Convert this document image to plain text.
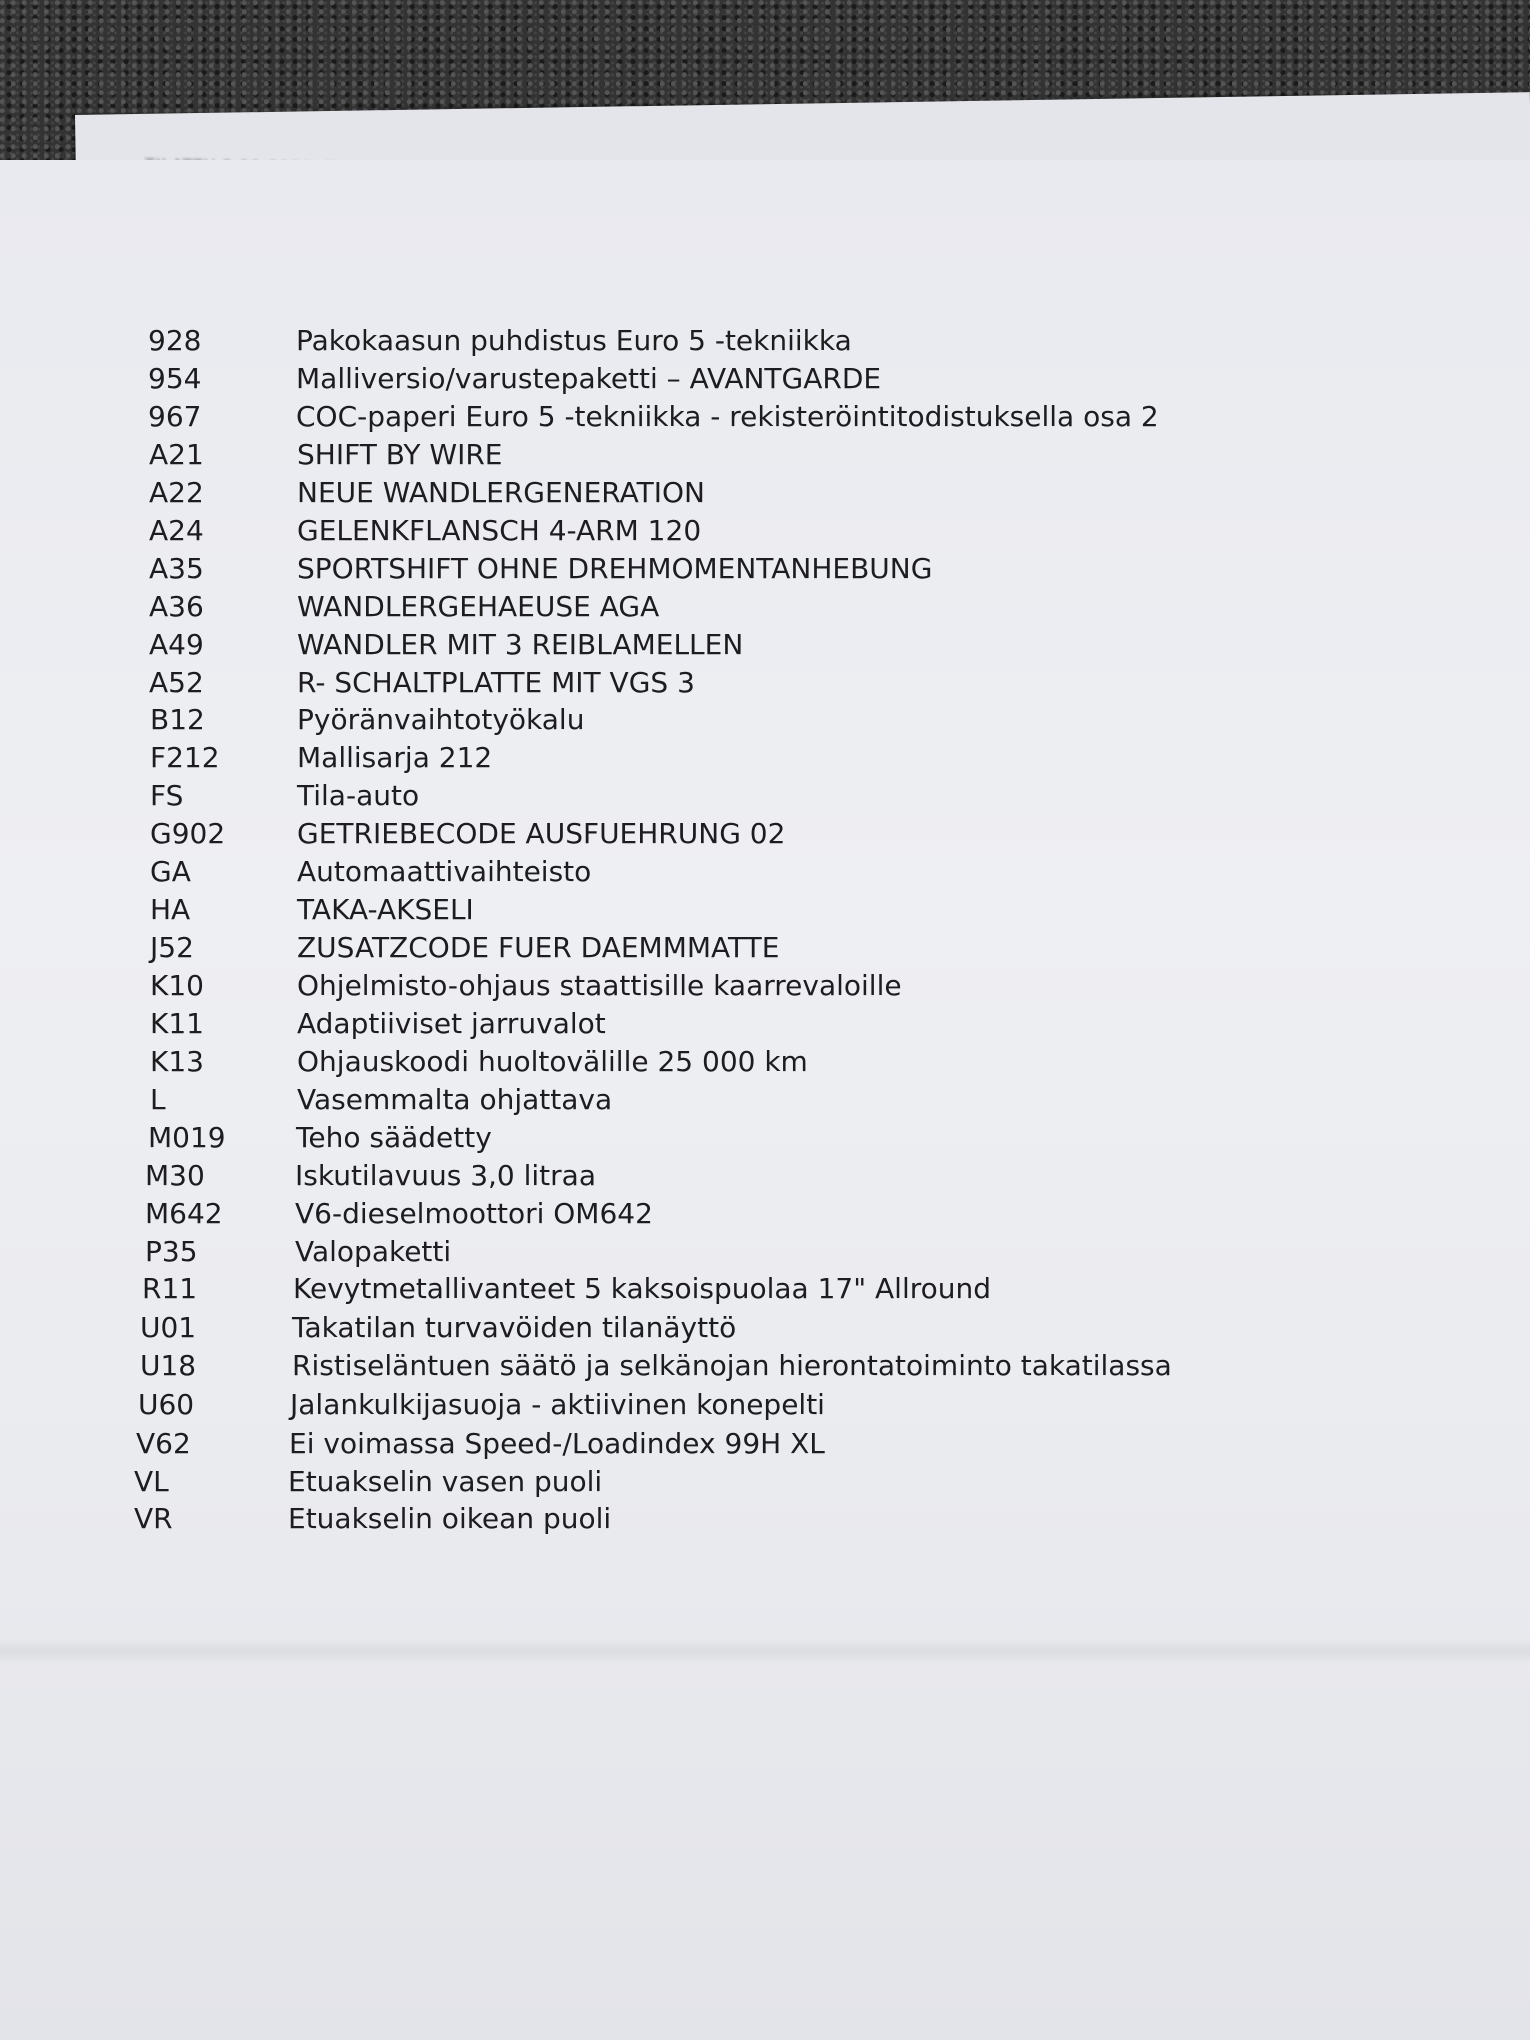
928	Pakokaasun puhdistus Euro 5 -tekniikka
954	Malliversio/varustepaketti – AVANTGARDE
967	COC-paperi Euro 5 -tekniikka - rekisteröintitodistuksella osa 2
A21	SHIFT BY WIRE
A22	NEUE WANDLERGENERATION
A24	GELENKFLANSCH 4-ARM 120
A35	SPORTSHIFT OHNE DREHMOMENTANHEBUNG
A36	WANDLERGEHAEUSE AGA
A49	WANDLER MIT 3 REIBLAMELLEN
A52	R- SCHALTPLATTE MIT VGS 3
B12	Pyöränvaihtotyökalu
F212	Mallisarja 212
FS	Tila-auto
G902	GETRIEBECODE AUSFUEHRUNG 02
GA	Automaattivaihteisto
HA	TAKA-AKSELI
J52	ZUSATZCODE FUER DAEMMMATTE
K10	Ohjelmisto-ohjaus staattisille kaarrevaloille
K11	Adaptiiviset jarruvalot
K13	Ohjauskoodi huoltovälille 25 000 km
L	Vasemmalta ohjattava
M019	Teho säädetty
M30	Iskutilavuus 3,0 litraa
M642	V6-dieselmoottori OM642
P35	Valopaketti
R11	Kevytmetallivanteet 5 kaksoispuolaa 17" Allround
U01	Takatilan turvavöiden tilanäyttö
U18	Ristiseläntuen säätö ja selkänojan hierontatoiminto takatilassa
U60	Jalankulkijasuoja - aktiivinen konepelti
V62	Ei voimassa Speed-/Loadindex 99H XL
VL	Etuakselin vasen puoli
VR	Etuakselin oikean puoli
